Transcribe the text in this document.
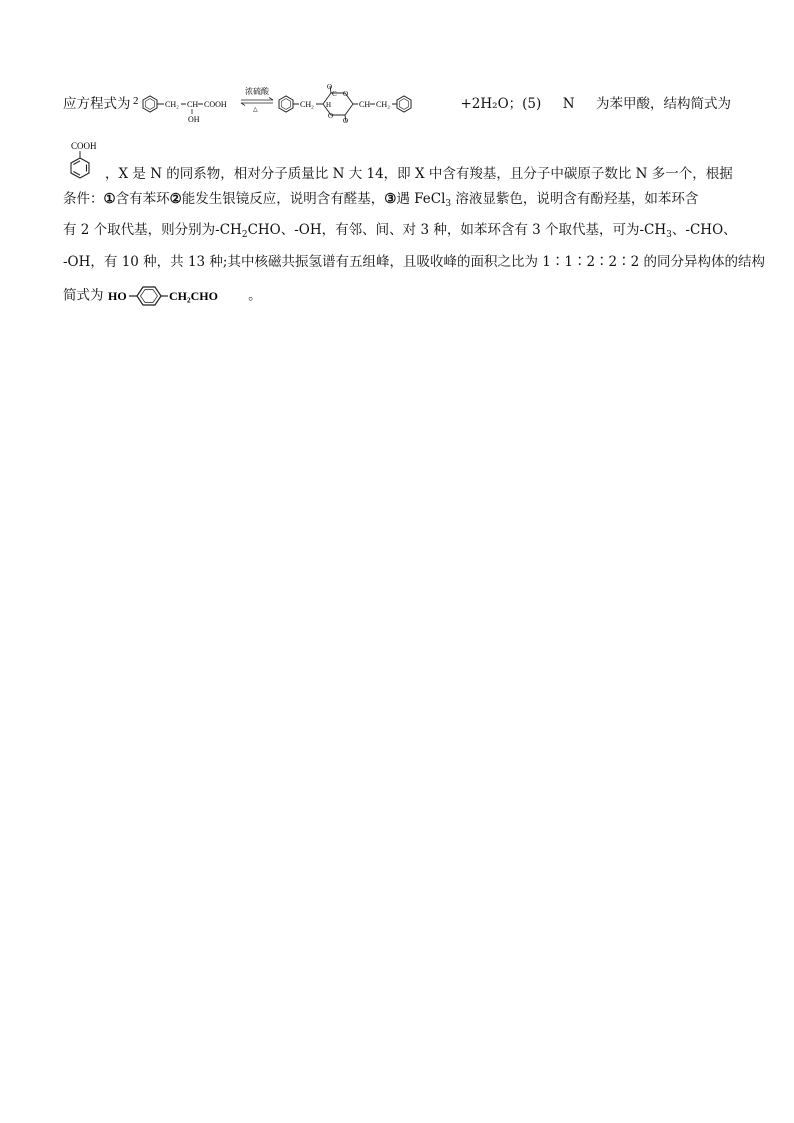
应方程式为 2	CH₂ CH
OH
COOH
浓硫酸
△
CH₂
O
O
O
O
H
C
CH CH₂	+2H₂O；(5) N 为苯甲酸，结构简式为
COOH
，X 是 N 的同系物，相对分子质量比 N 大 14，即 X 中含有羧基，且分子中碳原子数比 N 多一个，根据
条件：①含有苯环②能发生银镜反应，说明含有醛基，③遇 FeCl$_3$ 溶液显紫色，说明含有酚羟基，如苯环含
有 2 个取代基，则分别为$-CH_2CHO$、-OH，有邻、间、对 3 种，如苯环含有 3 个取代基，可为$-CH_3$、-CHO、
-OH，有 10 种，共 13 种;其中核磁共振氢谱有五组峰，且吸收峰的面积之比为 1∶1∶2∶2∶2 的同分异构体的结构
简式为 HO	CH₂CHO 。
